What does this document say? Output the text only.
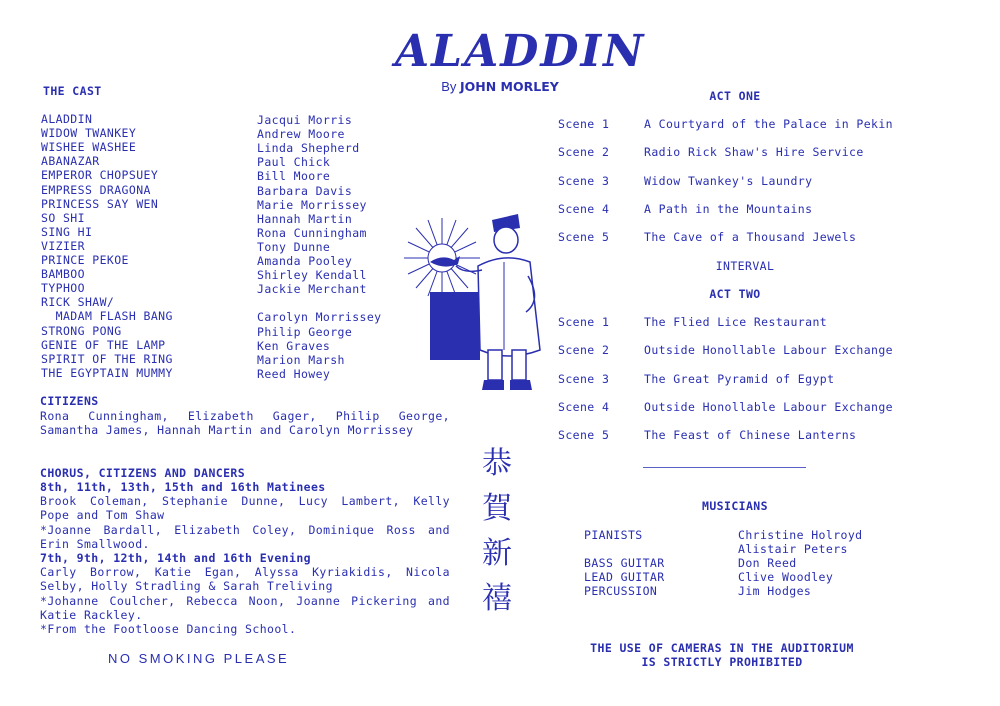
ALADDIN
By JOHN MORLEY
THE CAST
ALADDIN	Jacqui Morris
WIDOW TWANKEY	Andrew Moore
WISHEE WASHEE	Linda Shepherd
ABANAZAR	Paul Chick
EMPEROR CHOPSUEY	Bill Moore
EMPRESS DRAGONA	Barbara Davis
PRINCESS SAY WEN	Marie Morrissey
SO SHI	Hannah Martin
SING HI	Rona Cunningham
VIZIER	Tony Dunne
PRINCE PEKOE	Amanda Pooley
BAMBOO	Shirley Kendall
TYPHOO	Jackie Merchant
RICK SHAW/
MADAM FLASH BANG	Carolyn Morrissey
STRONG PONG	Philip George
GENIE OF THE LAMP	Ken Graves
SPIRIT OF THE RING	Marion Marsh
THE EGYPTAIN MUMMY	Reed Howey
CITIZENS
Rona Cunningham, Elizabeth Gager, Philip George, Samantha James, Hannah Martin and Carolyn Morrissey
CHORUS, CITIZENS AND DANCERS
8th, 11th, 13th, 15th and 16th Matinees
Brook Coleman, Stephanie Dunne, Lucy Lambert, Kelly Pope and Tom Shaw
*Joanne Bardall, Elizabeth Coley, Dominique Ross and Erin Smallwood.
7th, 9th, 12th, 14th and 16th Evening
Carly Borrow, Katie Egan, Alyssa Kyriakidis, Nicola Selby, Holly Stradling & Sarah Treliving
*Johanne Coulcher, Rebecca Noon, Joanne Pickering and Katie Rackley.
*From the Footloose Dancing School.
NO SMOKING PLEASE
恭
賀
新
禧
ACT ONE
Scene 1	A Courtyard of the Palace in Pekin
Scene 2	Radio Rick Shaw's Hire Service
Scene 3	Widow Twankey's Laundry
Scene 4	A Path in the Mountains
Scene 5	The Cave of a Thousand Jewels
INTERVAL
ACT TWO
Scene 1	The Flied Lice Restaurant
Scene 2	Outside Honollable Labour Exchange
Scene 3	The Great Pyramid of Egypt
Scene 4	Outside Honollable Labour Exchange
Scene 5	The Feast of Chinese Lanterns
MUSICIANS
PIANISTS	Christine Holroyd
Alistair Peters
BASS GUITAR	Don Reed
LEAD GUITAR	Clive Woodley
PERCUSSION	Jim Hodges
THE USE OF CAMERAS IN THE AUDITORIUM
IS STRICTLY PROHIBITED
